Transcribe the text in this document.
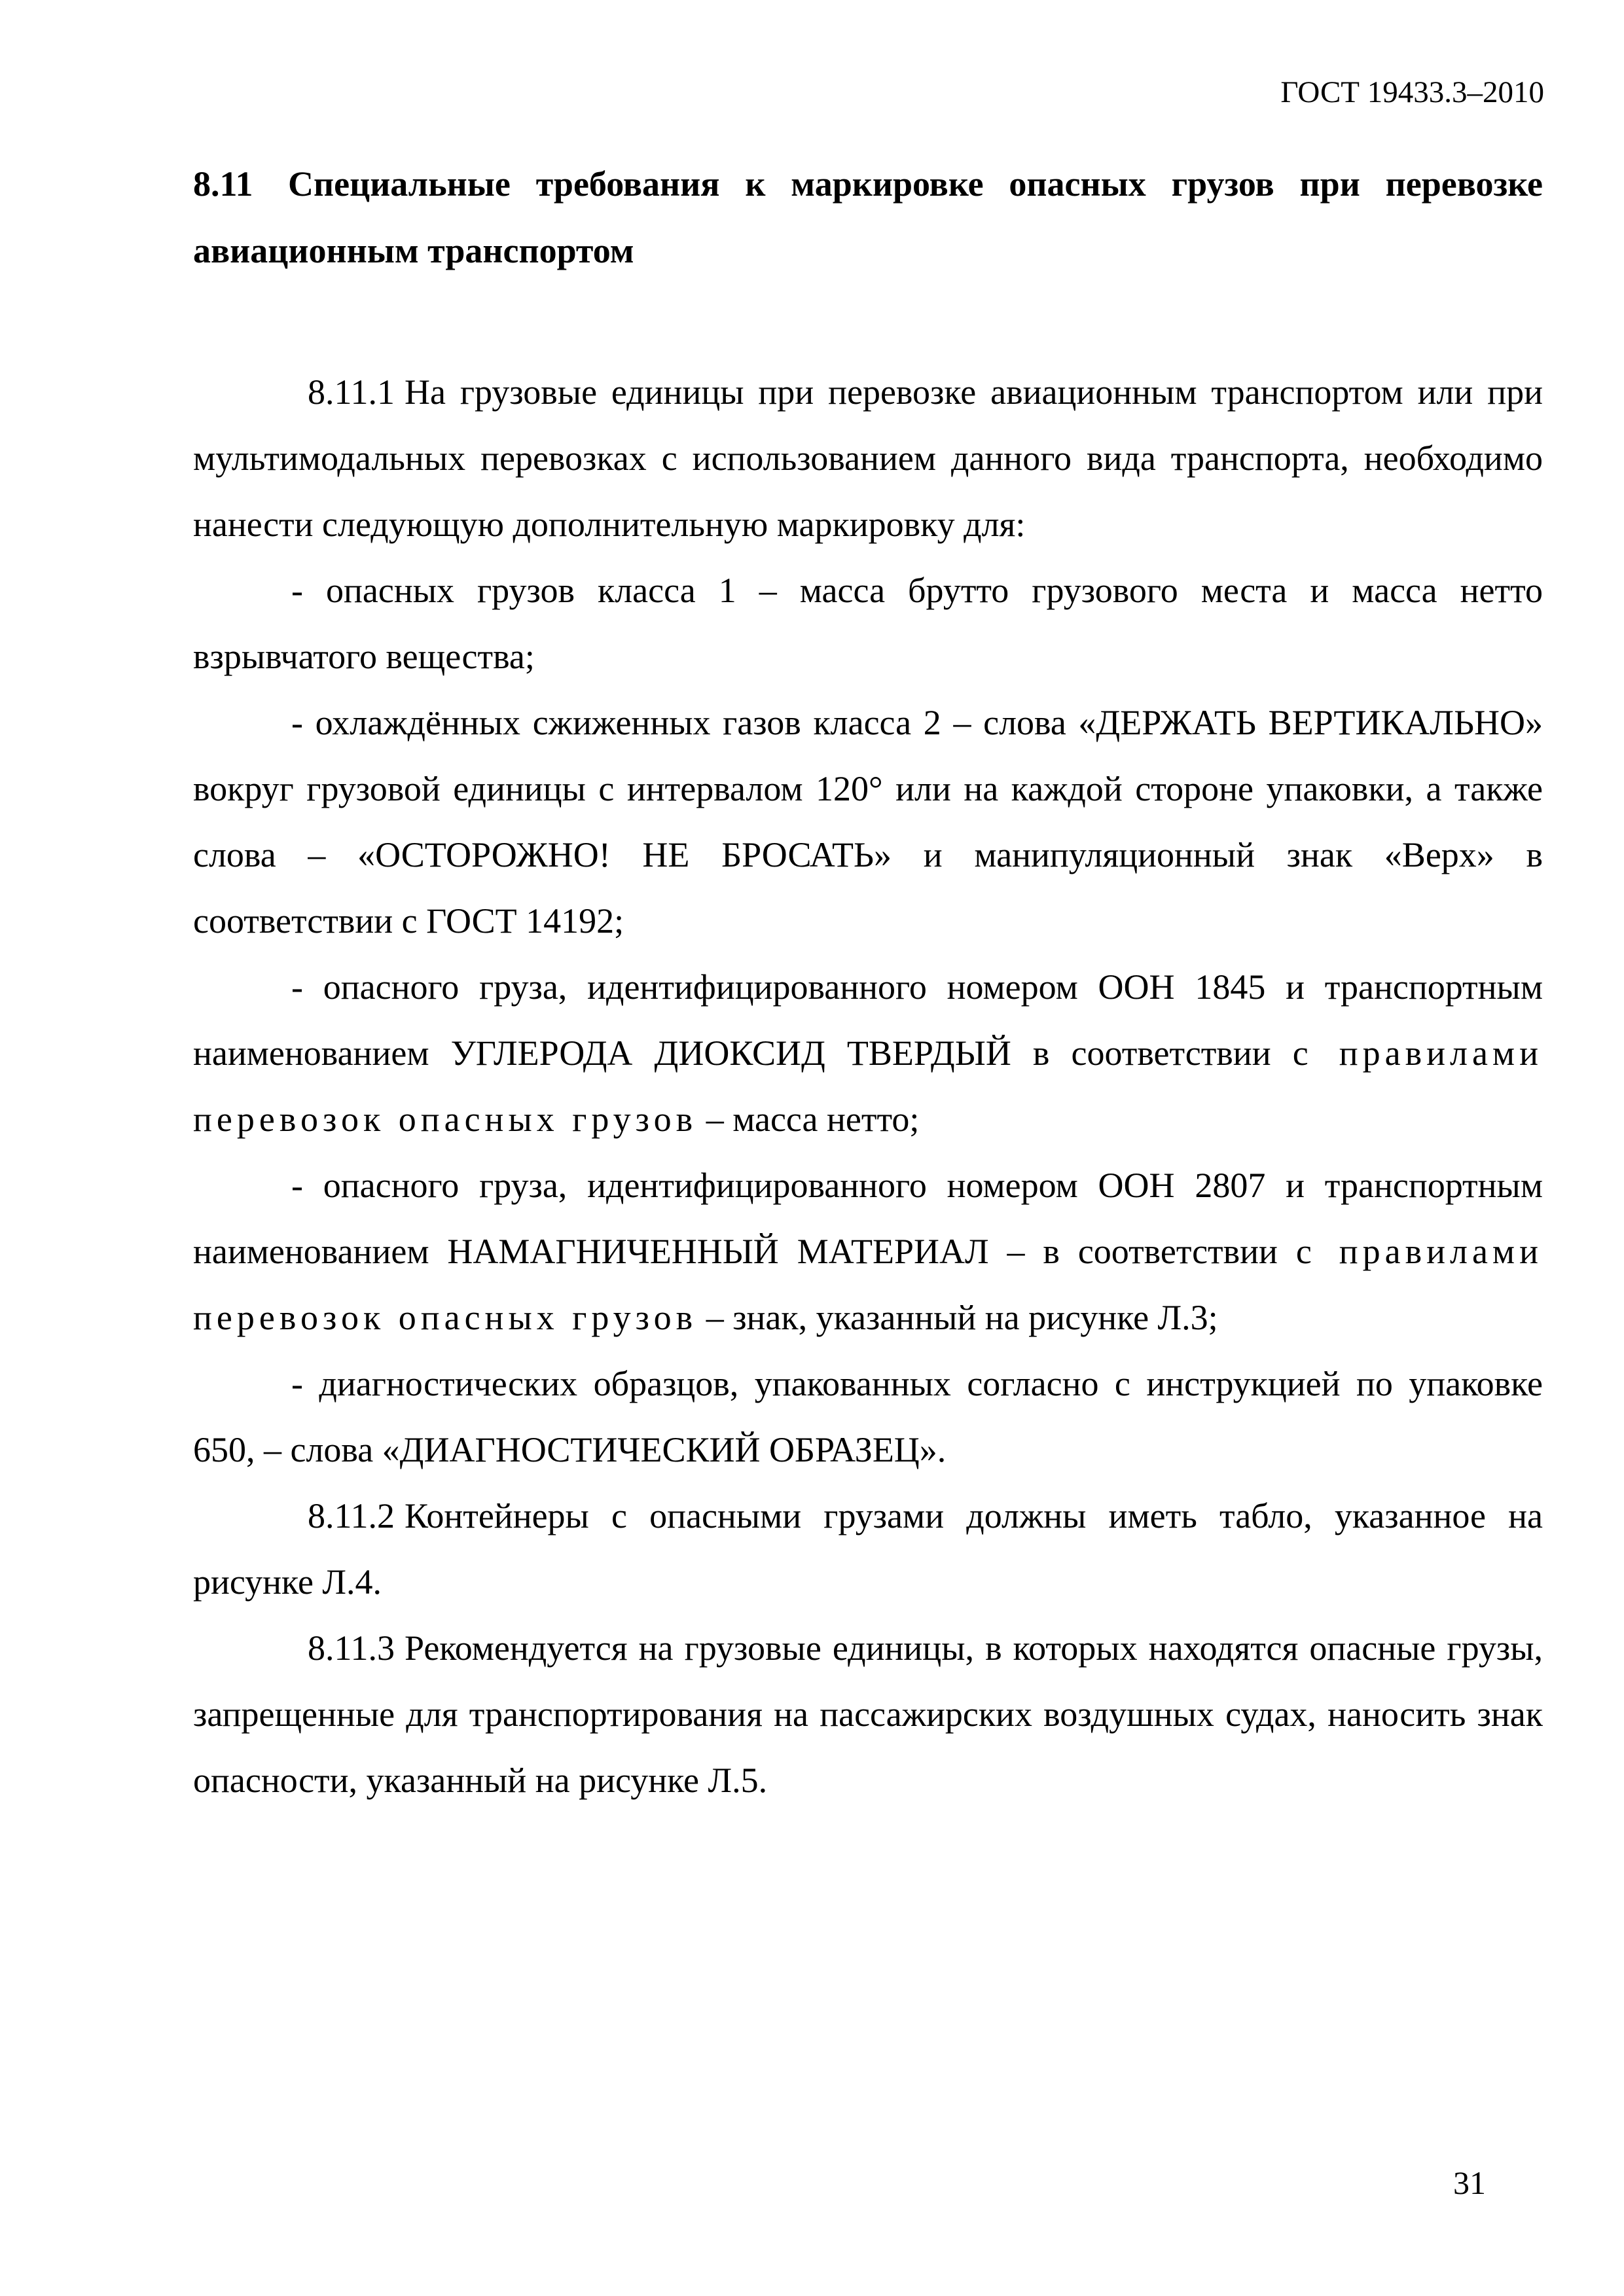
ГОСТ 19433.3–2010

8.11 Специальные требования к маркировке опасных грузов при перевозке авиационным транспортом

8.11.1 На грузовые единицы при перевозке авиационным транспортом или при мультимодальных перевозках с использованием данного вида транспорта, необходимо нанести следующую дополнительную маркировку для:

- опасных грузов класса 1 – масса брутто грузового места и масса нетто взрывчатого вещества;

- охлаждённых сжиженных газов класса 2 – слова «ДЕРЖАТЬ ВЕРТИКАЛЬНО» вокруг грузовой единицы с интервалом 120° или на каждой стороне упаковки, а также слова – «ОСТОРОЖНО! НЕ БРОСАТЬ» и манипуляционный знак «Верх» в соответствии с ГОСТ 14192;

- опасного груза, идентифицированного номером ООН 1845 и транспортным наименованием УГЛЕРОДА ДИОКСИД ТВЕРДЫЙ в соответствии с правилами перевозок опасных грузов – масса нетто;

- опасного груза, идентифицированного номером ООН 2807 и транспортным наименованием НАМАГНИЧЕННЫЙ МАТЕРИАЛ – в соответствии с правилами перевозок опасных грузов – знак, указанный на рисунке Л.3;

- диагностических образцов, упакованных согласно с инструкцией по упаковке 650, – слова «ДИАГНОСТИЧЕСКИЙ ОБРАЗЕЦ».

8.11.2 Контейнеры с опасными грузами должны иметь табло, указанное на рисунке Л.4.

8.11.3 Рекомендуется на грузовые единицы, в которых находятся опасные грузы, запрещенные для транспортирования на пассажирских воздушных судах, наносить знак опасности, указанный на рисунке Л.5.

31
